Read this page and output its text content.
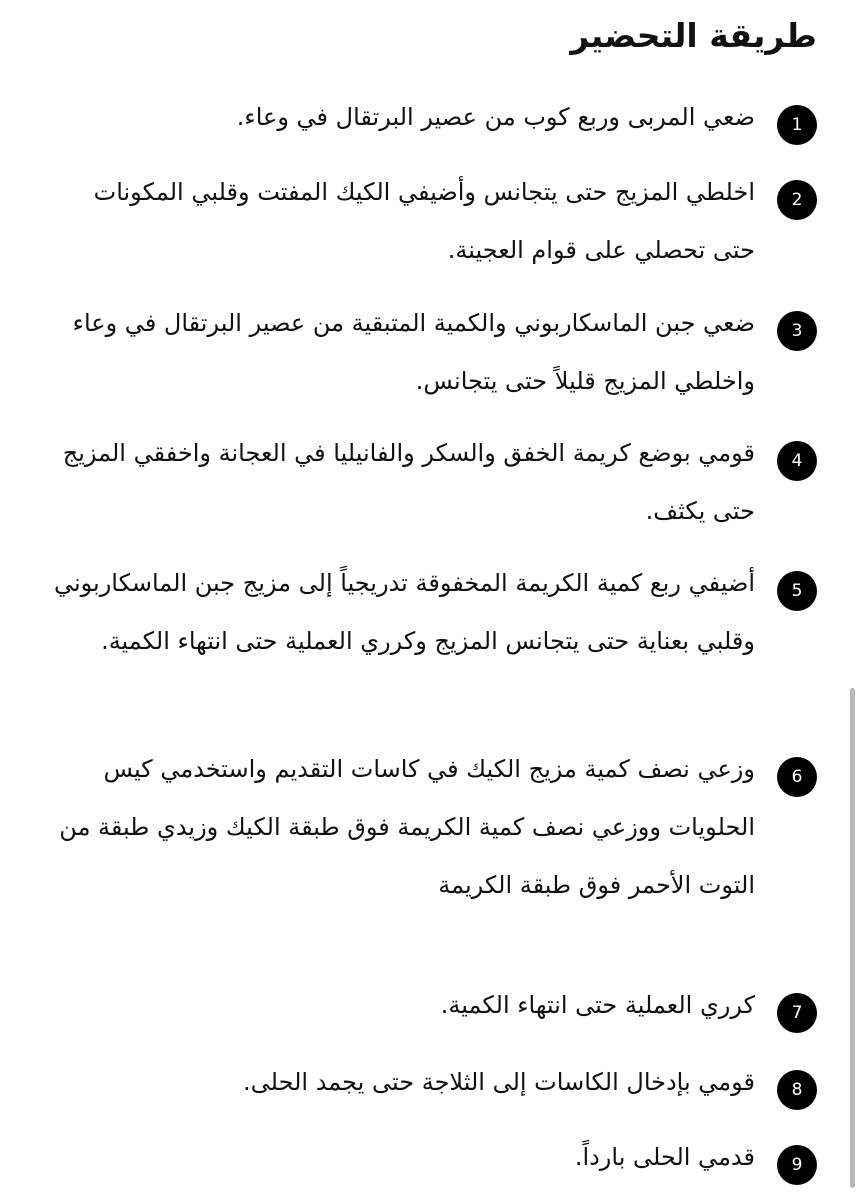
طريقة التحضير
1

ضعي المربى وربع كوب من عصير البرتقال في وعاء.

2

اخلطي المزيج حتى يتجانس وأضيفي الكيك المفتت وقلبي المكونات حتى تحصلي على قوام العجينة.

3

ضعي جبن الماسكاربوني والكمية المتبقية من عصير البرتقال في وعاء واخلطي المزيج قليلاً حتى يتجانس.

4

قومي بوضع كريمة الخفق والسكر والفانيليا في العجانة واخفقي المزيج حتى يكثف.

5

أضيفي ربع كمية الكريمة المخفوقة تدريجياً إلى مزيج جبن الماسكاربوني وقلبي بعناية حتى يتجانس المزيج وكرري العملية حتى انتهاء الكمية.

6

وزعي نصف كمية مزيج الكيك في كاسات التقديم واستخدمي كيس الحلويات ووزعي نصف كمية الكريمة فوق طبقة الكيك وزيدي طبقة من التوت الأحمر فوق طبقة الكريمة

7

كرري العملية حتى انتهاء الكمية.

8

قومي بإدخال الكاسات إلى الثلاجة حتى يجمد الحلى.

9

قدمي الحلى بارداً.
